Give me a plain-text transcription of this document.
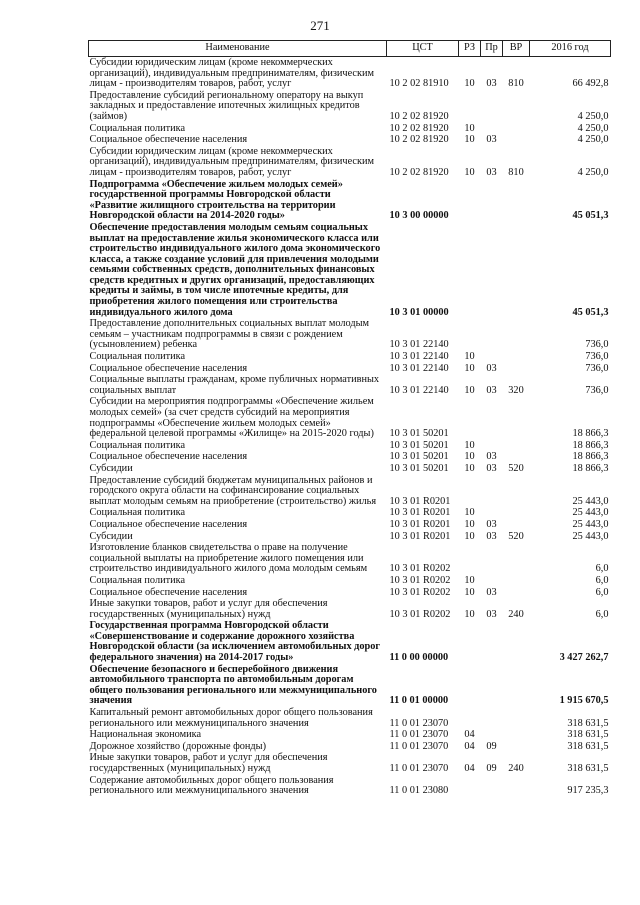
271
Наименование	ЦСТ	РЗ	Пр	ВР	2016 год
Субсидии юридическим лицам (кроме некоммерческих организаций), индивидуальным предпринимателям, физическим лицам - производителям товаров, работ, услуг	10 2 02 81910	10	03	810	66 492,8
Предоставление субсидий региональному оператору на выкуп закладных и предоставление ипотечных жилищных кредитов (займов)	10 2 02 81920				4 250,0
Социальная политика	10 2 02 81920	10			4 250,0
Социальное обеспечение населения	10 2 02 81920	10	03		4 250,0
Субсидии юридическим лицам (кроме некоммерческих организаций), индивидуальным предпринимателям, физическим лицам - производителям товаров, работ, услуг	10 2 02 81920	10	03	810	4 250,0
Подпрограмма «Обеспечение жильем молодых семей» государственной программы Новгородской области «Развитие жилищного строительства на территории Новгородской области на 2014-2020 годы»	10 3 00 00000				45 051,3
Обеспечение предоставления молодым семьям социальных выплат на предоставление жилья экономического класса или строительство индивидуального жилого дома экономического класса, а также создание условий для привлечения молодыми семьями собственных средств, дополнительных финансовых средств кредитных и других организаций, предоставляющих кредиты и займы, в том числе ипотечные кредиты, для приобретения жилого помещения или строительства индивидуального жилого дома	10 3 01 00000				45 051,3
Предоставление дополнительных социальных выплат молодым семьям – участникам подпрограммы в связи с рождением (усыновлением) ребенка	10 3 01 22140				736,0
Социальная политика	10 3 01 22140	10			736,0
Социальное обеспечение населения	10 3 01 22140	10	03		736,0
Социальные выплаты гражданам, кроме публичных нормативных социальных выплат	10 3 01 22140	10	03	320	736,0
Субсидии на мероприятия подпрограммы «Обеспечение жильем молодых семей» (за счет средств субсидий на мероприятия подпрограммы «Обеспечение жильем молодых семей» федеральной целевой программы «Жилище» на 2015-2020 годы)	10 3 01 50201				18 866,3
Социальная политика	10 3 01 50201	10			18 866,3
Социальное обеспечение населения	10 3 01 50201	10	03		18 866,3
Субсидии	10 3 01 50201	10	03	520	18 866,3
Предоставление субсидий бюджетам муниципальных районов и городского округа области на софинансирование социальных выплат молодым семьям на приобретение (строительство) жилья	10 3 01 R0201				25 443,0
Социальная политика	10 3 01 R0201	10			25 443,0
Социальное обеспечение населения	10 3 01 R0201	10	03		25 443,0
Субсидии	10 3 01 R0201	10	03	520	25 443,0
Изготовление бланков свидетельства о праве на получение социальной выплаты на приобретение жилого помещения или строительство индивидуального жилого дома молодым семьям	10 3 01 R0202				6,0
Социальная политика	10 3 01 R0202	10			6,0
Социальное обеспечение населения	10 3 01 R0202	10	03		6,0
Иные закупки товаров, работ и услуг для обеспечения государственных (муниципальных) нужд	10 3 01 R0202	10	03	240	6,0
Государственная программа Новгородской области «Совершенствование и содержание дорожного хозяйства Новгородской области (за исключением автомобильных дорог федерального значения) на 2014-2017 годы»	11 0 00 00000				3 427 262,7
Обеспечение безопасного и бесперебойного движения автомобильного транспорта по автомобильным дорогам общего пользования регионального или межмуниципального значения	11 0 01 00000				1 915 670,5
Капитальный ремонт автомобильных дорог общего пользования регионального или межмуниципального значения	11 0 01 23070				318 631,5
Национальная экономика	11 0 01 23070	04			318 631,5
Дорожное хозяйство (дорожные фонды)	11 0 01 23070	04	09		318 631,5
Иные закупки товаров, работ и услуг для обеспечения государственных (муниципальных) нужд	11 0 01 23070	04	09	240	318 631,5
Содержание автомобильных дорог общего пользования регионального или межмуниципального значения	11 0 01 23080				917 235,3
